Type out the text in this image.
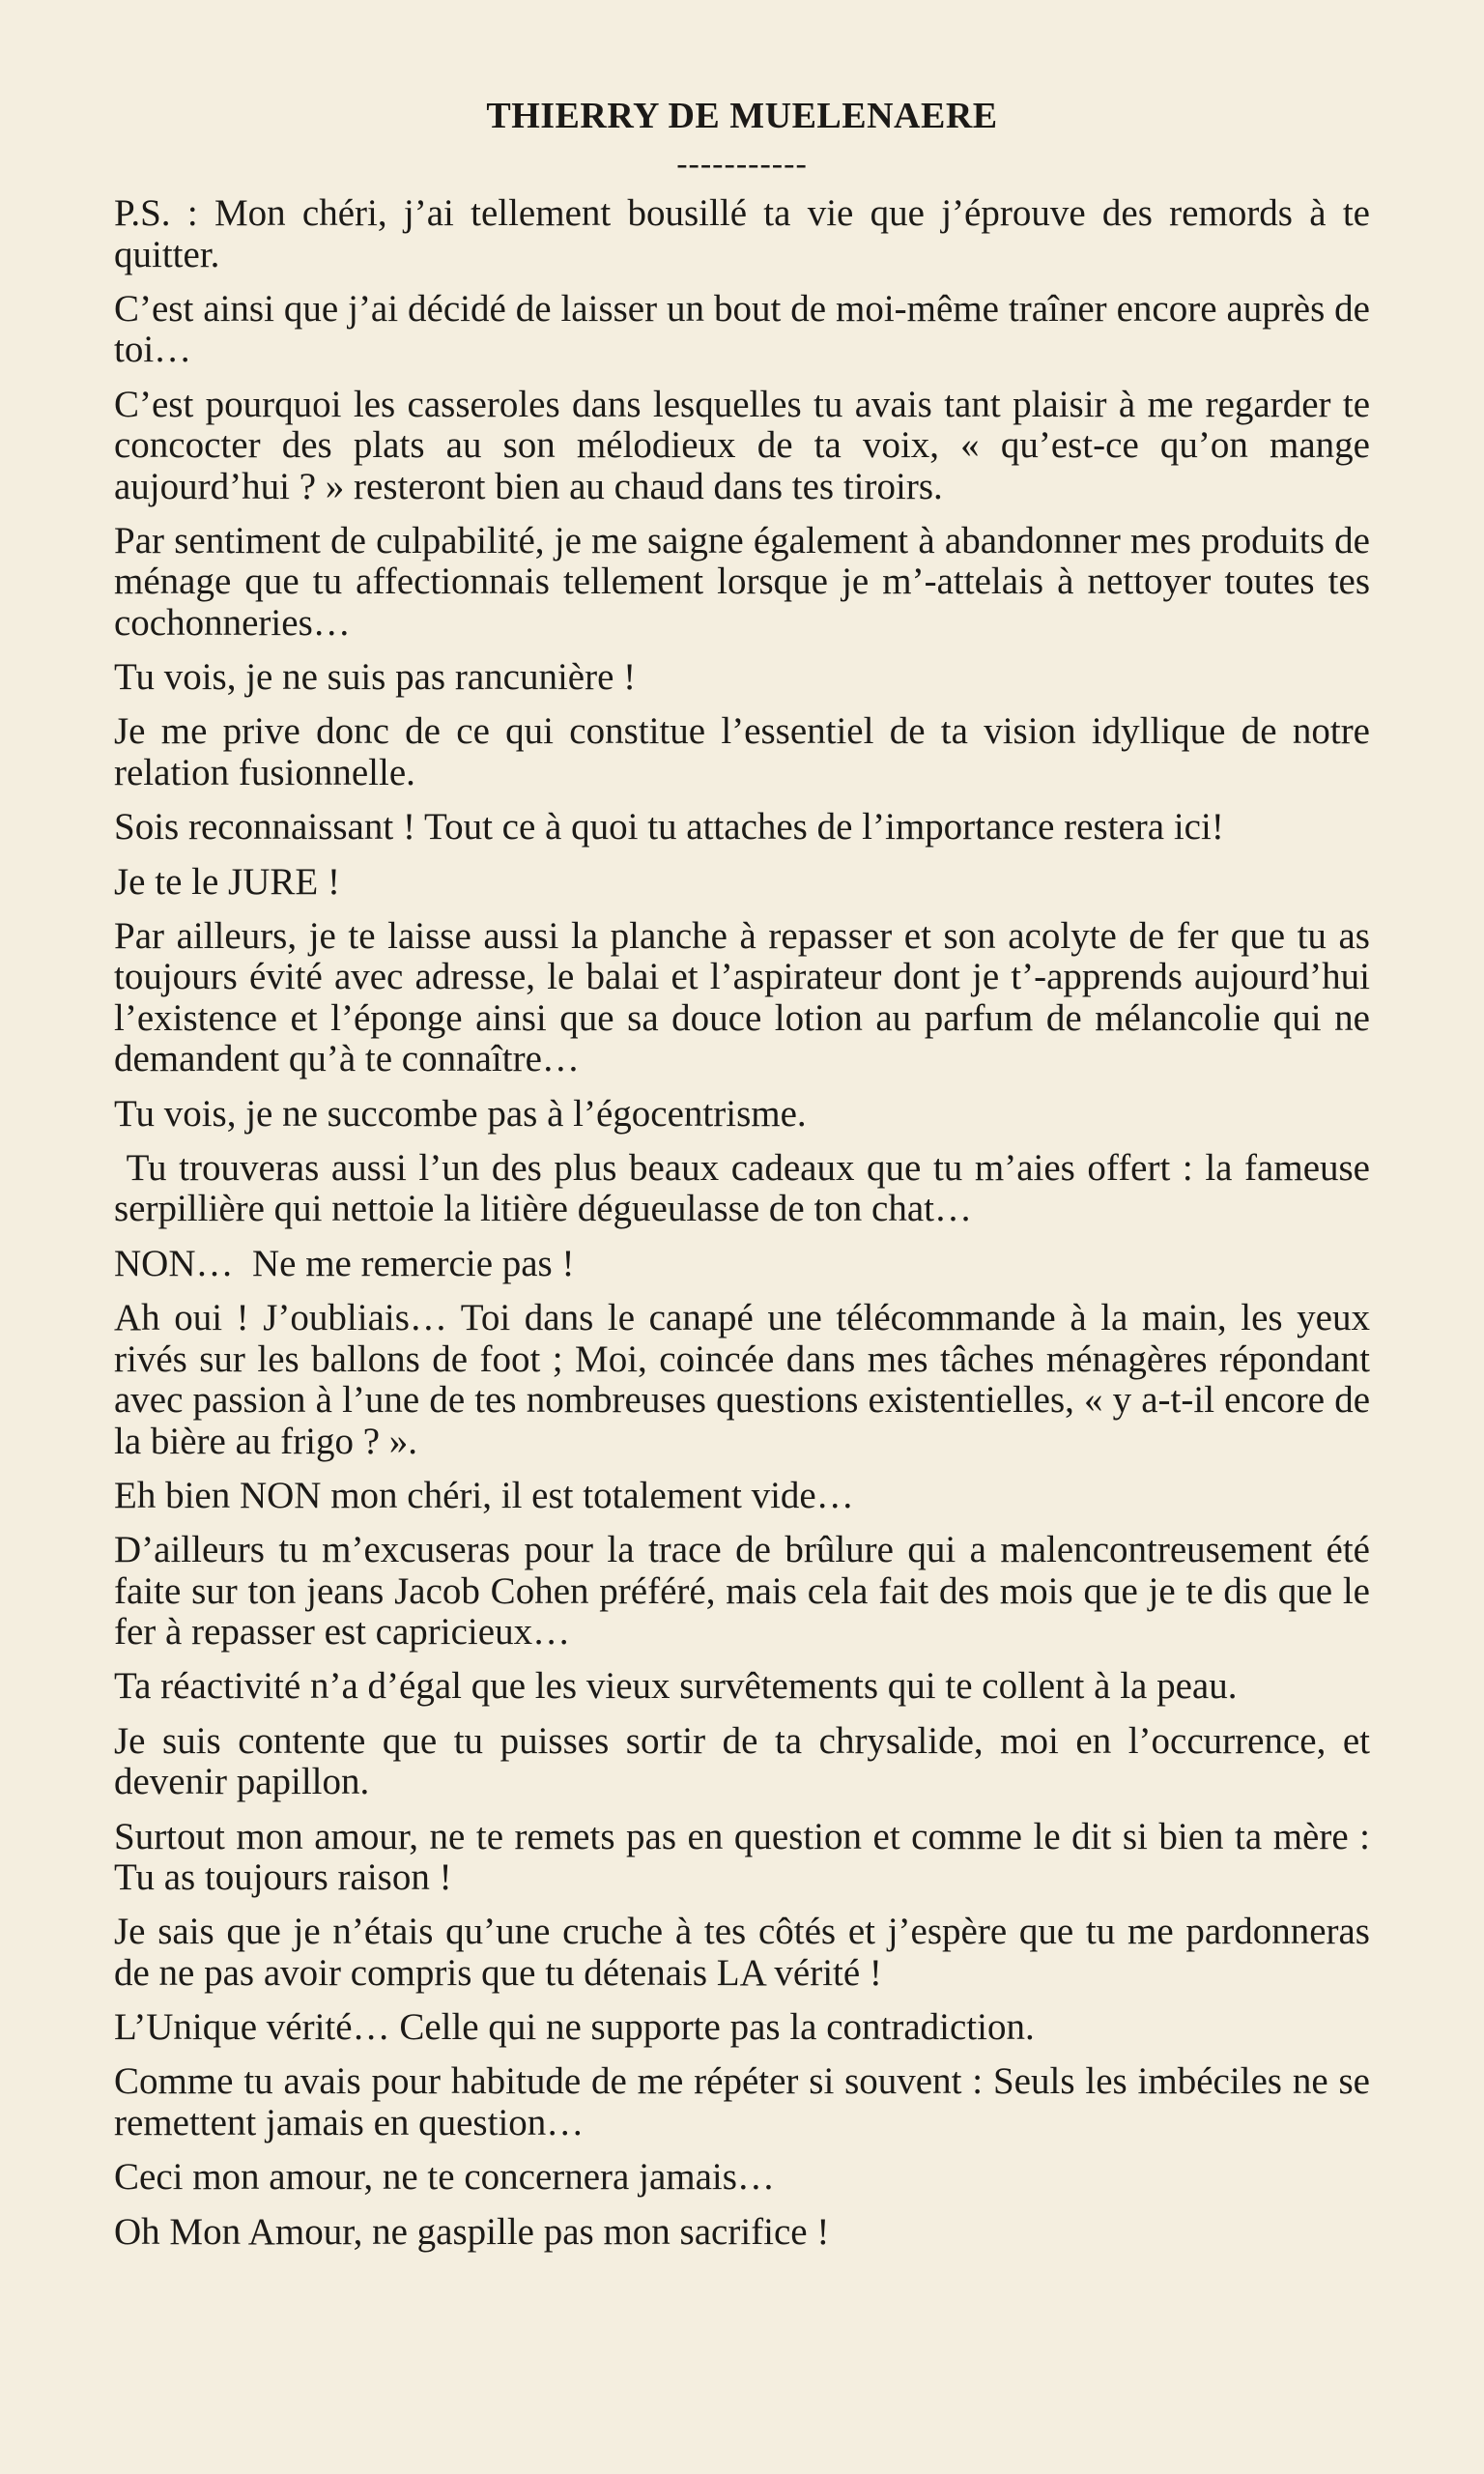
THIERRY DE MUELENAERE
-----------

P.S. : Mon chéri, j’ai tellement bousillé ta vie que j’éprouve des remords à te quitter.

C’est ainsi que j’ai décidé de laisser un bout de moi-même traîner encore auprès de toi…

C’est pourquoi les casseroles dans lesquelles tu avais tant plaisir à me regarder te concocter des plats au son mélodieux de ta voix, « qu’est-ce qu’on mange aujourd’hui ? » resteront bien au chaud dans tes tiroirs.

Par sentiment de culpabilité, je me saigne également à abandonner mes produits de ménage que tu affectionnais tellement lorsque je m’-attelais à nettoyer toutes tes cochonneries…

Tu vois, je ne suis pas rancunière !

Je me prive donc de ce qui constitue l’essentiel de ta vision idyllique de notre relation fusionnelle.

Sois reconnaissant ! Tout ce à quoi tu attaches de l’importance restera ici!

Je te le JURE !

Par ailleurs, je te laisse aussi la planche à repasser et son acolyte de fer que tu as toujours évité avec adresse, le balai et l’aspirateur dont je t’-apprends aujourd’hui l’existence et l’éponge ainsi que sa douce lotion au parfum de mélancolie qui ne demandent qu’à te connaître…

Tu vois, je ne succombe pas à l’égocentrisme.

Tu trouveras aussi l’un des plus beaux cadeaux que tu m’aies offert : la fameuse serpillière qui nettoie la litière dégueulasse de ton chat…

NON…  Ne me remercie pas !

Ah oui ! J’oubliais… Toi dans le canapé une télécommande à la main, les yeux rivés sur les ballons de foot ; Moi, coincée dans mes tâches ménagères répondant avec passion à l’une de tes nombreuses questions existentielles, « y a-t-il encore de la bière au frigo ? ».

Eh bien NON mon chéri, il est totalement vide…

D’ailleurs tu m’excuseras pour la trace de brûlure qui a malencontreusement été faite sur ton jeans Jacob Cohen préféré, mais cela fait des mois que je te dis que le fer à repasser est capricieux…

Ta réactivité n’a d’égal que les vieux survêtements qui te collent à la peau.

Je suis contente que tu puisses sortir de ta chrysalide, moi en l’occurrence, et devenir papillon.

Surtout mon amour, ne te remets pas en question et comme le dit si bien ta mère : Tu as toujours raison !

Je sais que je n’étais qu’une cruche à tes côtés et j’espère que tu me pardonneras de ne pas avoir compris que tu détenais LA vérité !

L’Unique vérité… Celle qui ne supporte pas la contradiction.

Comme tu avais pour habitude de me répéter si souvent : Seuls les imbéciles ne se remettent jamais en question…

Ceci mon amour, ne te concernera jamais…

Oh Mon Amour, ne gaspille pas mon sacrifice !
